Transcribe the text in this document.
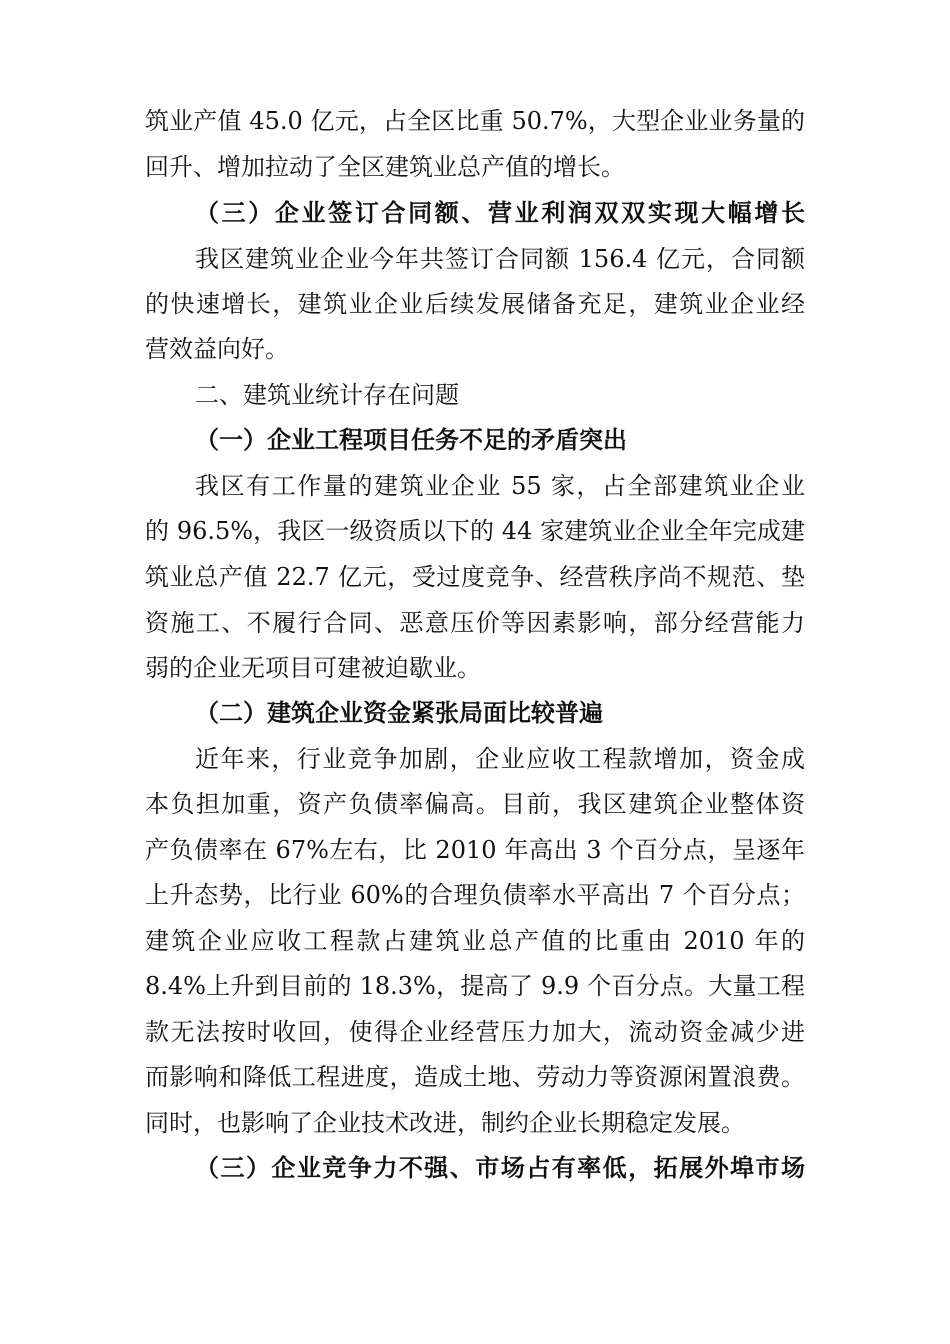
筑业产值 45.0 亿元，占全区比重 50.7%，大型企业业务量的
回升、增加拉动了全区建筑业总产值的增长。
（三）企业签订合同额、营业利润双双实现大幅增长
我区建筑业企业今年共签订合同额 156.4 亿元，合同额
的快速增长，建筑业企业后续发展储备充足，建筑业企业经
营效益向好。
二、建筑业统计存在问题
（一）企业工程项目任务不足的矛盾突出
我区有工作量的建筑业企业 55 家，占全部建筑业企业
的 96.5%，我区一级资质以下的 44 家建筑业企业全年完成建
筑业总产值 22.7 亿元，受过度竞争、经营秩序尚不规范、垫
资施工、不履行合同、恶意压价等因素影响，部分经营能力
弱的企业无项目可建被迫歇业。
（二）建筑企业资金紧张局面比较普遍
近年来，行业竞争加剧，企业应收工程款增加，资金成
本负担加重，资产负债率偏高。目前，我区建筑企业整体资
产负债率在 67%左右，比 2010 年高出 3 个百分点，呈逐年
上升态势，比行业 60%的合理负债率水平高出 7 个百分点；
建筑企业应收工程款占建筑业总产值的比重由 2010 年的
8.4%上升到目前的 18.3%，提高了 9.9 个百分点。大量工程
款无法按时收回，使得企业经营压力加大，流动资金减少进
而影响和降低工程进度，造成土地、劳动力等资源闲置浪费。
同时，也影响了企业技术改进，制约企业长期稳定发展。
（三）企业竞争力不强、市场占有率低，拓展外埠市场
